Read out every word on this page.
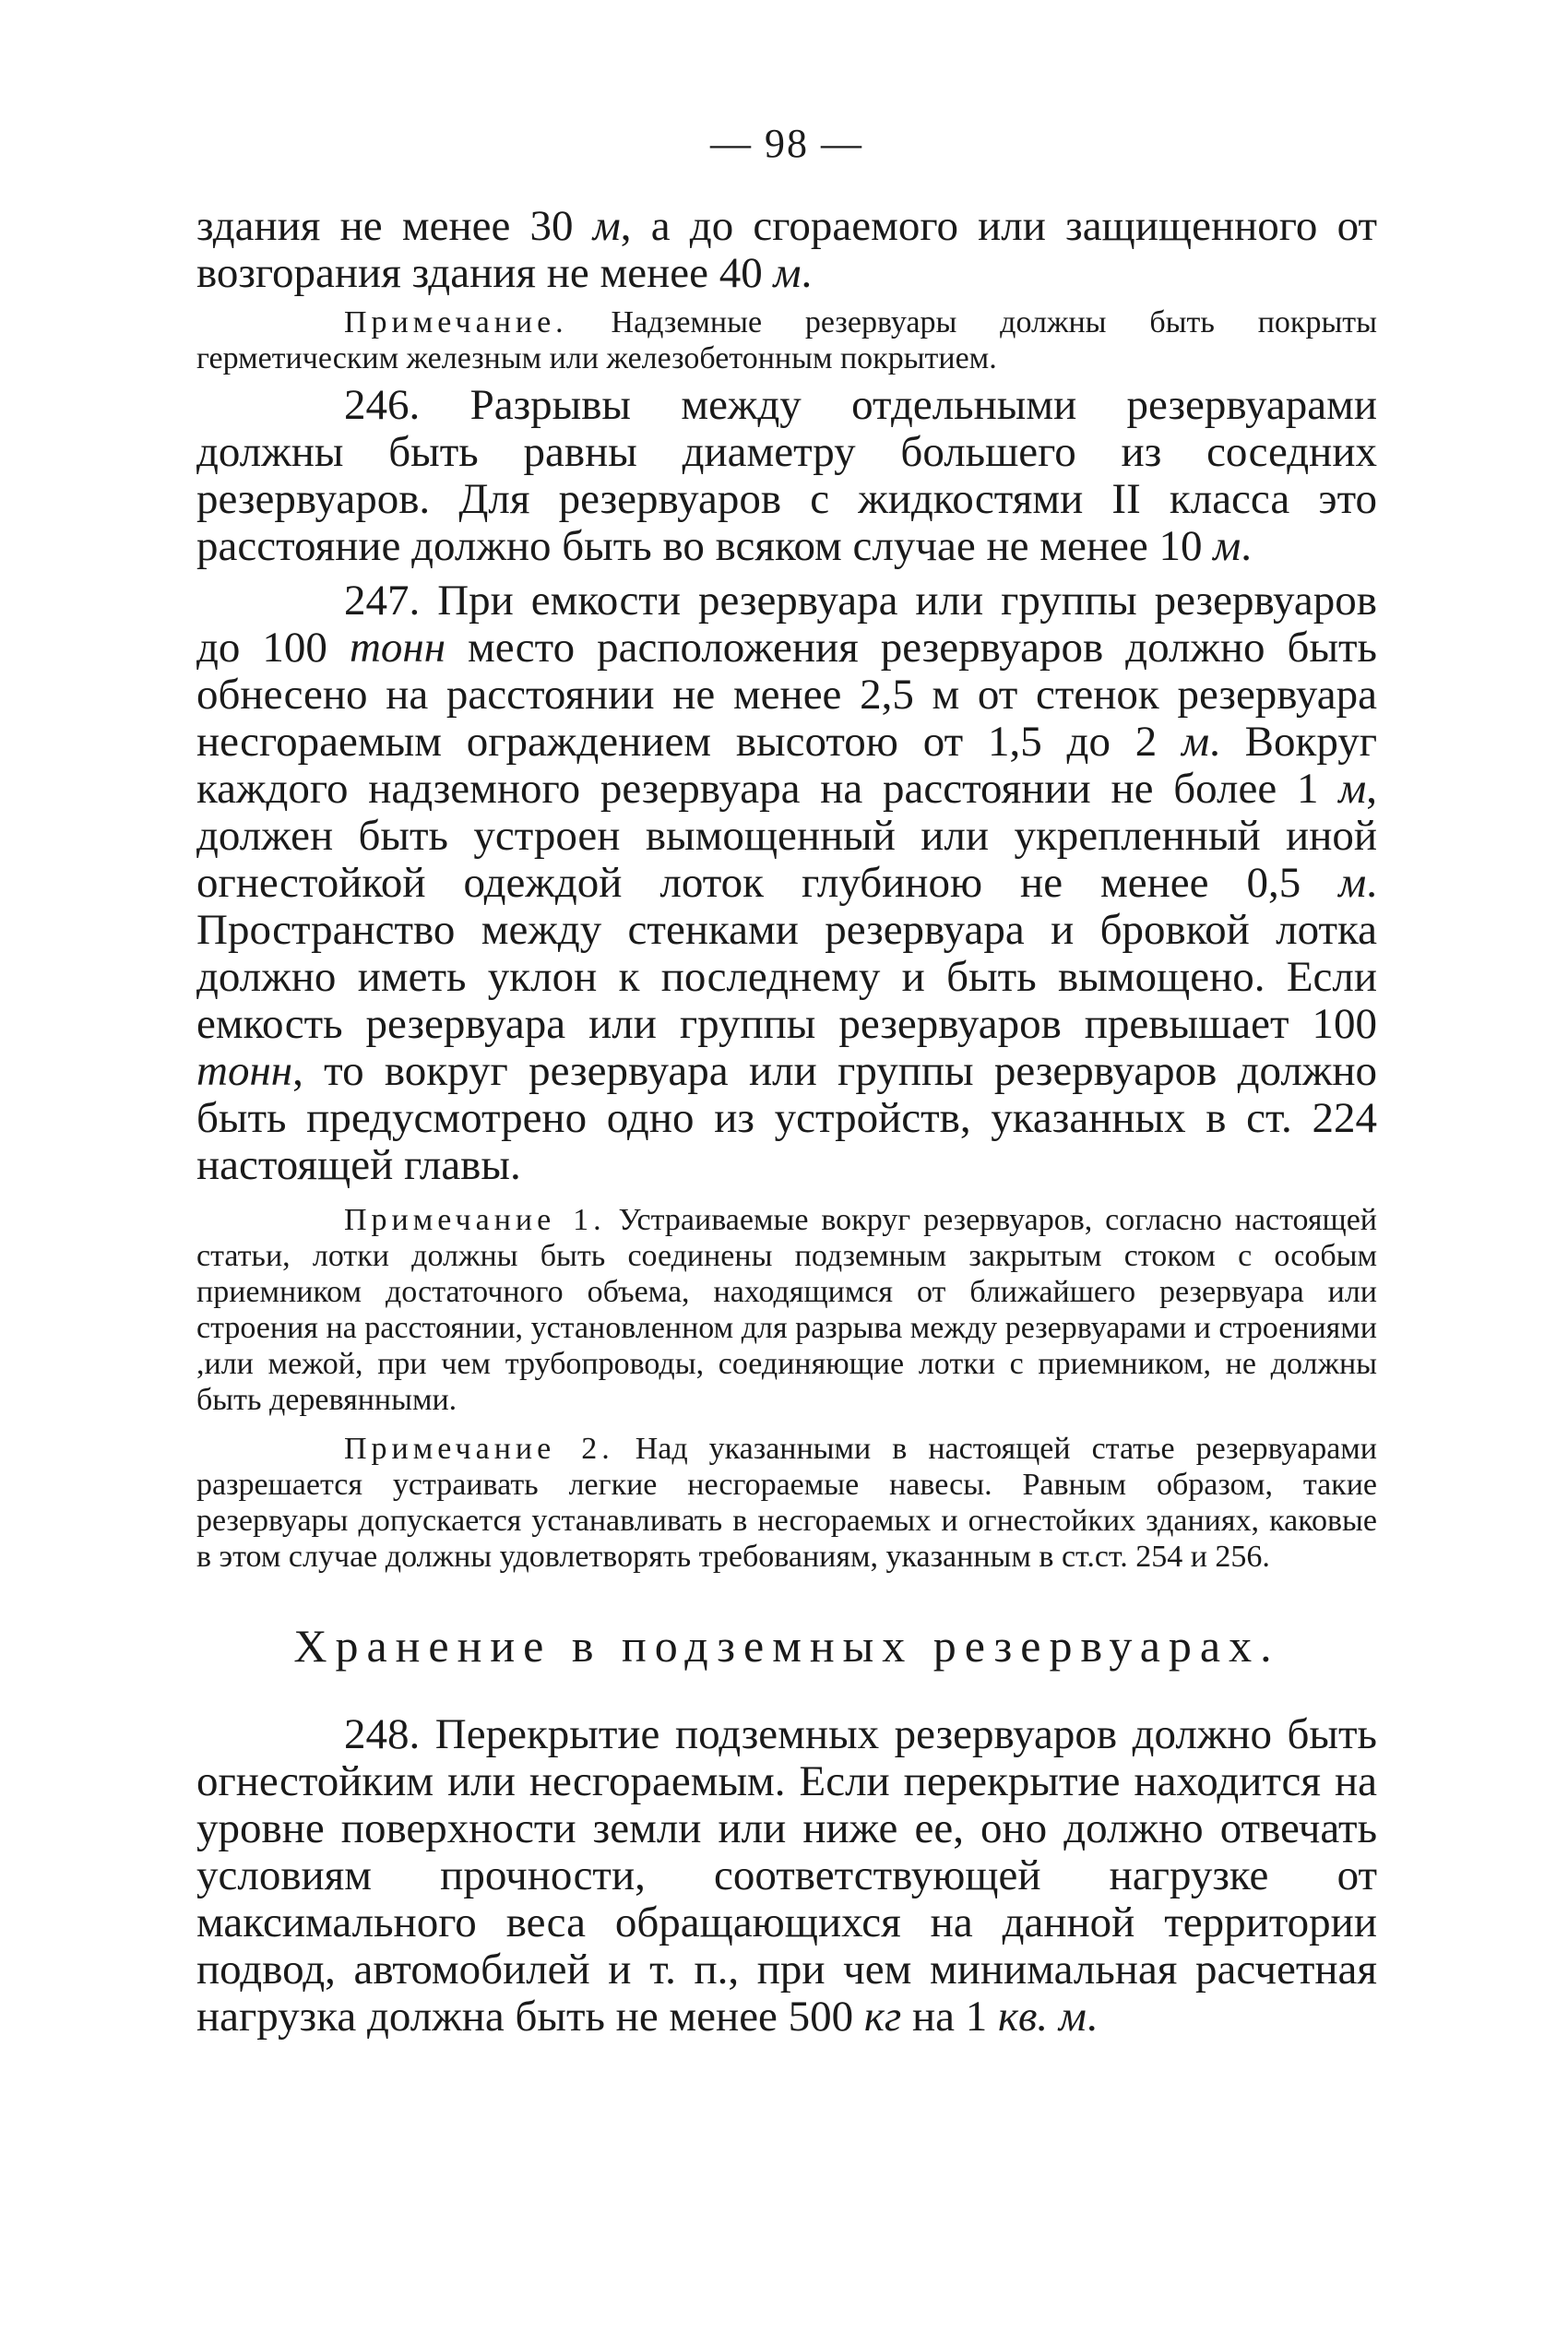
— 98 —

здания не менее 30 м, а до сгораемого или защищенного от возгорания здания не менее 40 м.

Примечание. Надземные резервуары должны быть покрыты герметическим железным или железобетонным покрытием.

246. Разрывы между отдельными резервуарами должны быть равны диаметру большего из соседних резервуаров. Для резервуаров с жидкостями II класса это расстояние должно быть во всяком случае не менее 10 м.

247. При емкости резервуара или группы резервуаров до 100 тонн место расположения резервуаров должно быть обнесено на расстоянии не менее 2,5 м от стенок резервуара несгораемым ограждением высотою от 1,5 до 2 м. Вокруг каждого надземного резервуара на расстоянии не более 1 м, должен быть устроен вымощенный или укрепленный иной огнестойкой одеждой лоток глубиною не менее 0,5 м. Пространство между стенками резервуара и бровкой лотка должно иметь уклон к последнему и быть вымощено. Если емкость резервуара или группы резервуаров превышает 100 тонн, то вокруг резервуара или группы резервуаров должно быть предусмотрено одно из устройств, указанных в ст. 224 настоящей главы.

Примечание 1. Устраиваемые вокруг резервуаров, согласно настоящей статьи, лотки должны быть соединены подземным закрытым стоком с особым приемником достаточного объема, находящимся от ближайшего резервуара или строения на расстоянии, установленном для разрыва между резервуарами и строениями ,или межой, при чем трубопроводы, соединяющие лотки с приемником, не должны быть деревянными.

Примечание 2. Над указанными в настоящей статье резервуарами разрешается устраивать легкие несгораемые навесы. Равным образом, такие резервуары допускается устанавливать в несгораемых и огнестойких зданиях, каковые в этом случае должны удовлетворять требованиям, указанным в ст.ст. 254 и 256.

Хранение в подземных резервуарах.

248. Перекрытие подземных резервуаров должно быть огнестойким или несгораемым. Если перекрытие находится на уровне поверхности земли или ниже ее, оно должно отвечать условиям прочности, соответствующей нагрузке от максимального веса обращающихся на данной территории подвод, автомобилей и т. п., при чем минимальная расчетная нагрузка должна быть не менее 500 кг на 1 кв. м.
